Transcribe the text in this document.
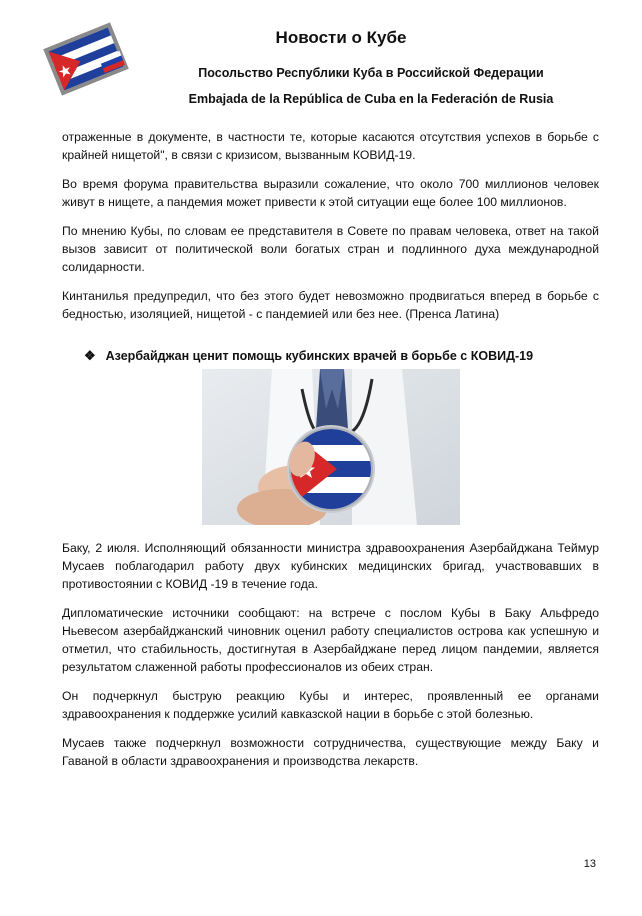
Новости о Кубе
Посольство Республики Куба в Российской Федерации
Embajada de la República de Cuba en la Federación de Rusia

отраженные в документе, в частности те, которые касаются отсутствия успехов в борьбе с крайней нищетой", в связи с кризисом, вызванным КОВИД-19.

Во время форума правительства выразили сожаление, что около 700 миллионов человек живут в нищете, а пандемия может привести к этой ситуации еще более 100 миллионов.

По мнению Кубы, по словам ее представителя в Совете по правам человека, ответ на такой вызов зависит от политической воли богатых стран и подлинного духа международной солидарности.

Кинтанилья предупредил, что без этого будет невозможно продвигаться вперед в борьбе с бедностью, изоляцией, нищетой - с пандемией или без нее. (Пренса Латина)

❖ Азербайджан ценит помощь кубинских врачей в борьбе с КОВИД-19

Баку, 2 июля. Исполняющий обязанности министра здравоохранения Азербайджана Теймур Мусаев поблагодарил работу двух кубинских медицинских бригад, участвовавших в противостоянии с КОВИД -19 в течение года.

Дипломатические источники сообщают: на встрече с послом Кубы в Баку Альфредо Ньевесом азербайджанский чиновник оценил работу специалистов острова как успешную и отметил, что стабильность, достигнутая в Азербайджане перед лицом пандемии, является результатом слаженной работы профессионалов из обеих стран.

Он подчеркнул быструю реакцию Кубы и интерес, проявленный ее органами здравоохранения к поддержке усилий кавказской нации в борьбе с этой болезнью.

Мусаев также подчеркнул возможности сотрудничества, существующие между Баку и Гаваной в области здравоохранения и производства лекарств.

13
